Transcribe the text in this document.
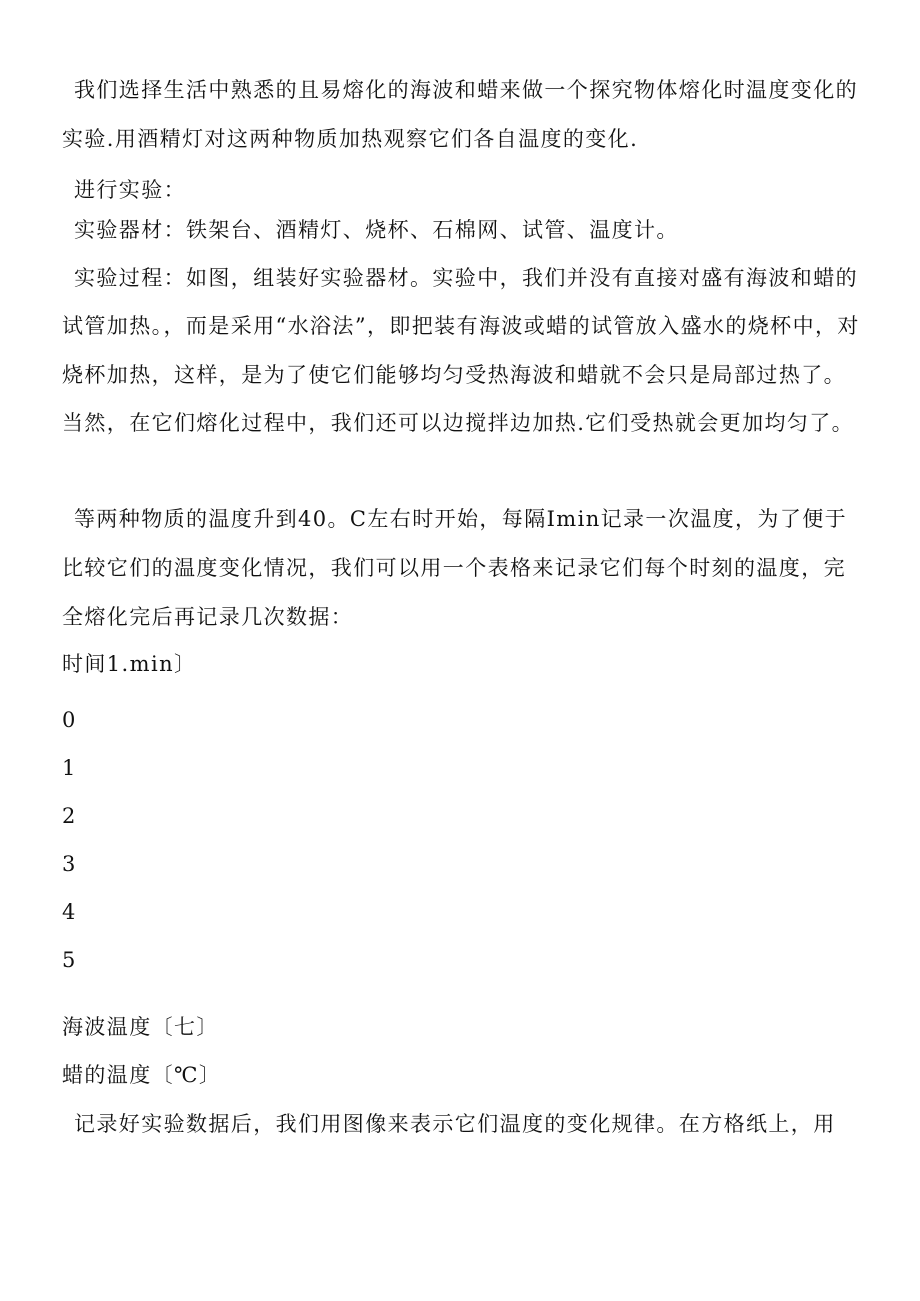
我们选择生活中熟悉的且易熔化的海波和蜡来做一个探究物体熔化时温度变化的实验.用酒精灯对这两种物质加热观察它们各自温度的变化.

进行实验：

实验器材：铁架台、酒精灯、烧杯、石棉网、试管、温度计。

实验过程：如图，组装好实验器材。实验中，我们并没有直接对盛有海波和蜡的试管加热。，而是采用“水浴法”，即把装有海波或蜡的试管放入盛水的烧杯中，对烧杯加热，这样，是为了使它们能够均匀受热海波和蜡就不会只是局部过热了。当然，在它们熔化过程中，我们还可以边搅拌边加热.它们受热就会更加均匀了。

等两种物质的温度升到40。C左右时开始，每隔Imin记录一次温度，为了便于比较它们的温度变化情况，我们可以用一个表格来记录它们每个时刻的温度，完全熔化完后再记录几次数据：

时间1.min〕

0
1
2
3
4
5

海波温度〔七〕

蜡的温度〔℃〕

记录好实验数据后，我们用图像来表示它们温度的变化规律。在方格纸上，用
